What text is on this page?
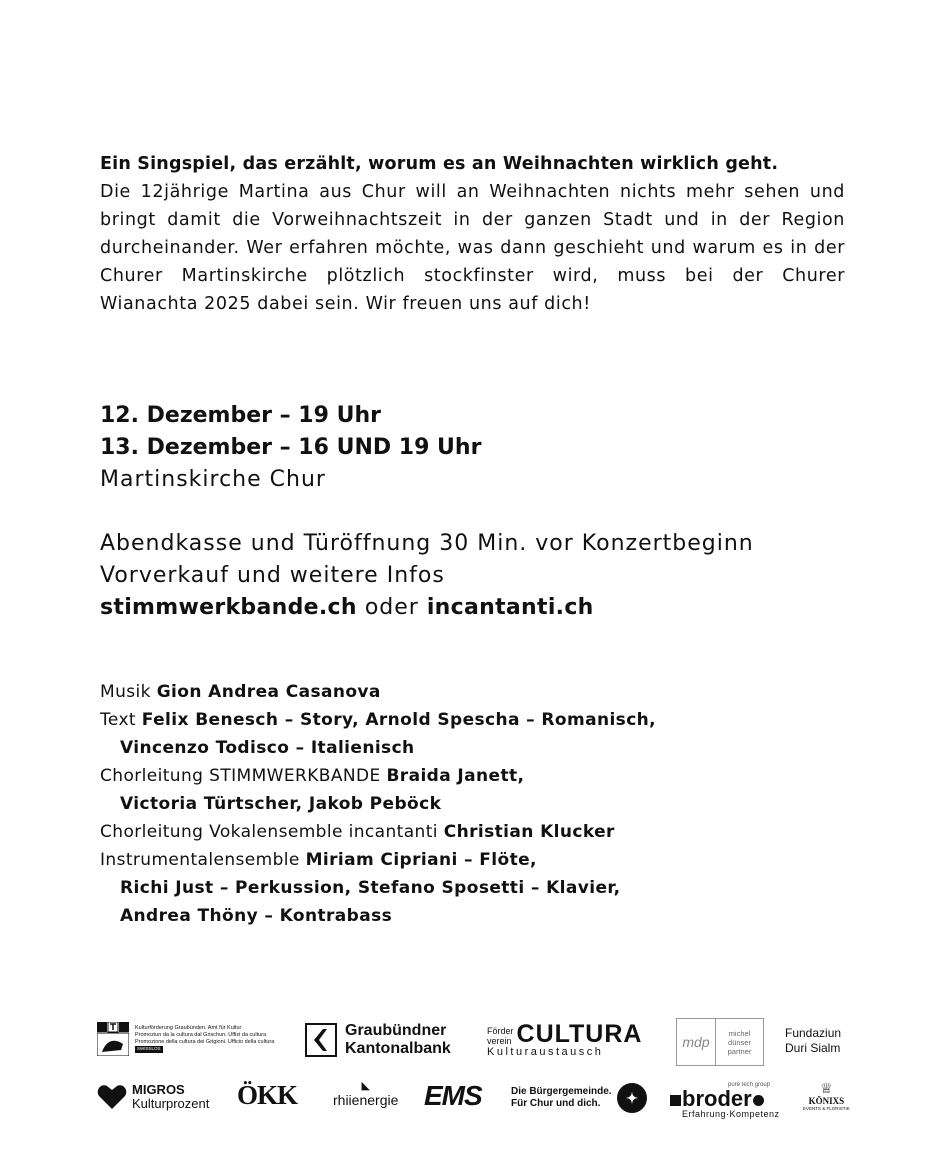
Ein Singspiel, das erzählt, worum es an Weihnachten wirklich geht.
Die 12jährige Martina aus Chur will an Weihnachten nichts mehr sehen und bringt damit die Vorweihnachtszeit in der ganzen Stadt und in der Region durcheinander. Wer erfahren möchte, was dann geschieht und warum es in der Churer Martinskirche plötzlich stockfinster wird, muss bei der Churer Wianachta 2025 dabei sein. Wir freuen uns auf dich!
12. Dezember – 19 Uhr
13. Dezember – 16 UND 19 Uhr
Martinskirche Chur
Abendkasse und Türöffnung 30 Min. vor Konzertbeginn
Vorverkauf und weitere Infos
stimmwerkbande.ch oder incantanti.ch
Musik Gion Andrea Casanova
Text Felix Benesch – Story, Arnold Spescha – Romanisch,
Vincenzo Todisco – Italienisch
Chorleitung STIMMWERKBANDE Braida Janett,
Victoria Türtscher, Jakob Peböck
Chorleitung Vokalensemble incantanti Christian Klucker
Instrumentalensemble Miriam Cipriani – Flöte,
Richi Just – Perkussion, Stefano Sposetti – Klavier,
Andrea Thöny – Kontrabass
Kulturförderung Graubünden. Amt für Kultur
Promoziun da la cultura dal Grischun. Uffizi da cultura
Promozione della cultura dei Grigioni. Ufficio della cultura
SWISSLOS
Graubündner
Kantonalbank
Förder
verein CULTURA
Kulturaustausch
mdp
michel
dünser
partner
Fundaziun
Duri Sialm
MIGROS
Kulturprozent ÖKK	◣
rhiienergie EMS	Die Bürgergemeinde.
Für Chur und dich.	✦
pure tech group
broder
Erfahrung·Kompetenz
♕
KÖNIXS
EVENTS & FLORISTIK
